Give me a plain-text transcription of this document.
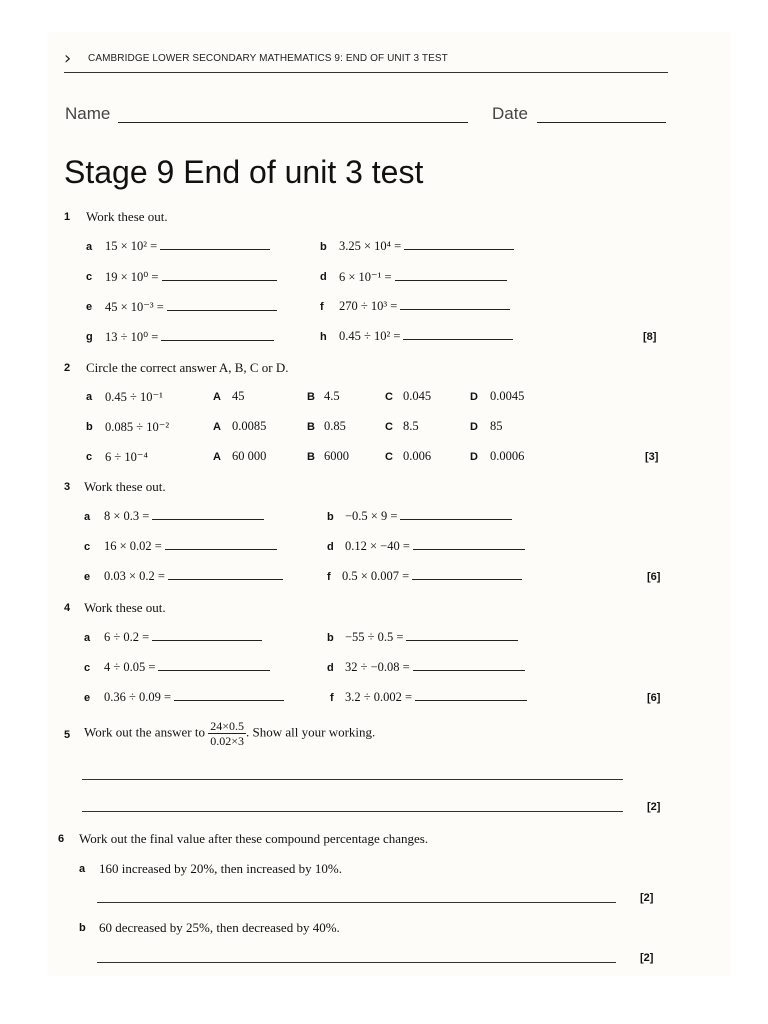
› CAMBRIDGE LOWER SECONDARY MATHEMATICS 9: END OF UNIT 3 TEST
Name	Date
Stage 9 End of unit 3 test
1 Work these out.
a 15 × 10² =	b 3.25 × 10⁴ =
c 19 × 10⁰ =	d 6 × 10⁻¹ =
e 45 × 10⁻³ =	f 270 ÷ 10³ =
g 13 ÷ 10⁰ =	h 0.45 ÷ 10² =	[8]
2 Circle the correct answer A, B, C or D.
a 0.45 ÷ 10⁻¹	A 45	B 4.5	C 0.045	D 0.0045
b 0.085 ÷ 10⁻²	A 0.0085	B 0.85	C 8.5	D 85
c 6 ÷ 10⁻⁴	A 60 000	B 6000	C 0.006	D 0.0006	[3]
3 Work these out.
a 8 × 0.3 =	b −0.5 × 9 =
c 16 × 0.02 =	d 0.12 × −40 =
e 0.03 × 0.2 =	f 0.5 × 0.007 =	[6]
4 Work these out.
a 6 ÷ 0.2 =	b −55 ÷ 0.5 =
c 4 ÷ 0.05 =	d 32 ÷ −0.08 =
e 0.36 ÷ 0.09 =	f 3.2 ÷ 0.002 =	[6]
5 Work out the answer to $\frac{24\times 0.5}{0.02\times 3}$ . Show all your working.
[2]
6 Work out the final value after these compound percentage changes.
a 160 increased by 20%, then increased by 10%.
[2]
b 60 decreased by 25%, then decreased by 40%.
[2]
